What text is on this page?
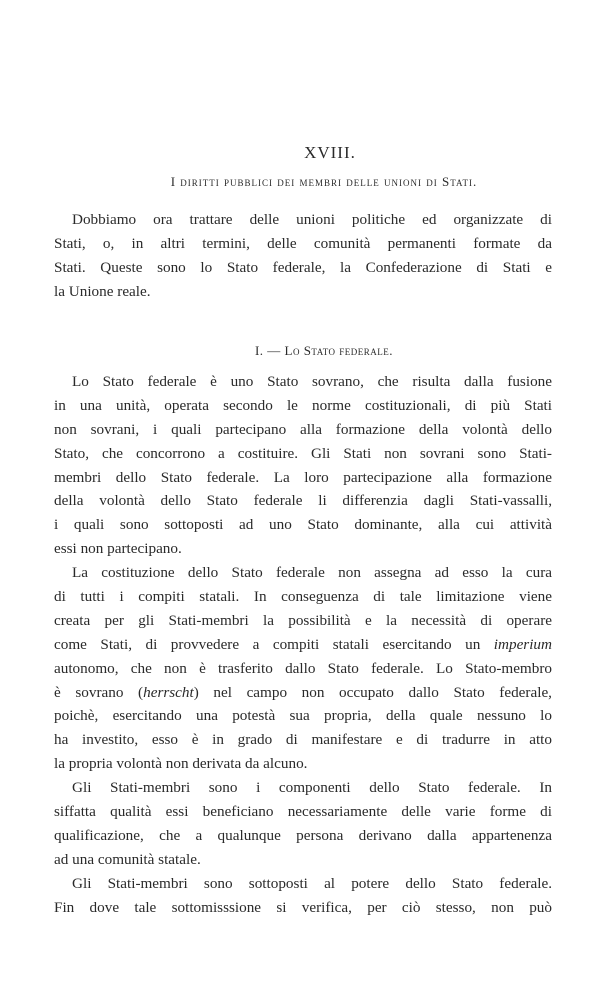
XVIII.
I diritti pubblici dei membri delle unioni di Stati.
Dobbiamo ora trattare delle unioni politiche ed organizzate di
Stati, o, in altri termini, delle comunità permanenti formate da
Stati. Queste sono lo Stato federale, la Confederazione di Stati e
la Unione reale.
I. — Lo Stato federale.
Lo Stato federale è uno Stato sovrano, che risulta dalla fusione
in una unità, operata secondo le norme costituzionali, di più Stati
non sovrani, i quali partecipano alla formazione della volontà dello
Stato, che concorrono a costituire. Gli Stati non sovrani sono Stati-
membri dello Stato federale. La loro partecipazione alla formazione
della volontà dello Stato federale li differenzia dagli Stati-vassalli,
i quali sono sottoposti ad uno Stato dominante, alla cui attività
essi non partecipano.
La costituzione dello Stato federale non assegna ad esso la cura
di tutti i compiti statali. In conseguenza di tale limitazione viene
creata per gli Stati-membri la possibilità e la necessità di operare
come Stati, di provvedere a compiti statali esercitando un imperium
autonomo, che non è trasferito dallo Stato federale. Lo Stato-membro
è sovrano (herrscht) nel campo non occupato dallo Stato federale,
poichè, esercitando una potestà sua propria, della quale nessuno lo
ha investito, esso è in grado di manifestare e di tradurre in atto
la propria volontà non derivata da alcuno.
Gli Stati-membri sono i componenti dello Stato federale. In
siffatta qualità essi beneficiano necessariamente delle varie forme di
qualificazione, che a qualunque persona derivano dalla appartenenza
ad una comunità statale.
Gli Stati-membri sono sottoposti al potere dello Stato federale.
Fin dove tale sottomisssione si verifica, per ciò stesso, non può
